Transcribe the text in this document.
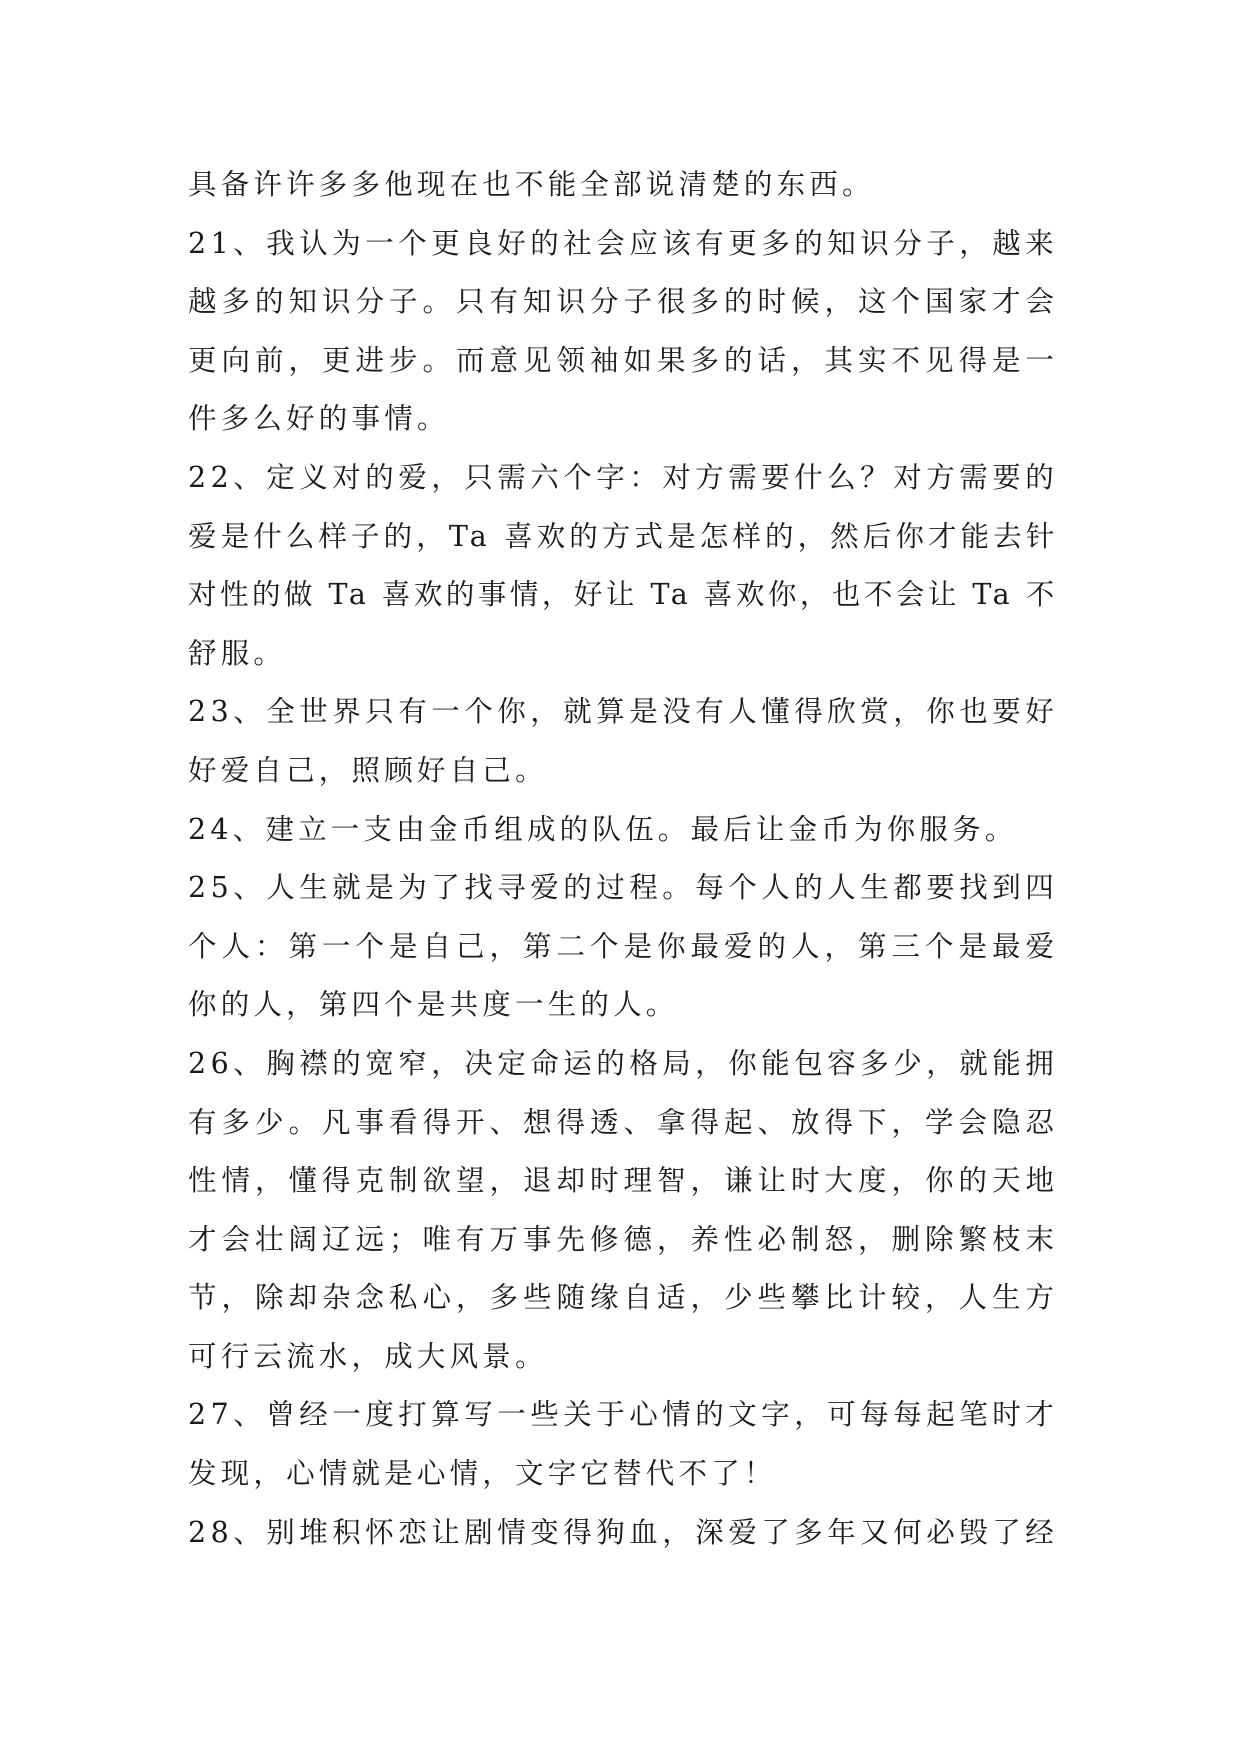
具备许许多多他现在也不能全部说清楚的东西。
21、我认为一个更良好的社会应该有更多的知识分子，越来
越多的知识分子。只有知识分子很多的时候，这个国家才会
更向前，更进步。而意见领袖如果多的话，其实不见得是一
件多么好的事情。
22、定义对的爱，只需六个字：对方需要什么？对方需要的
爱是什么样子的，Ta 喜欢的方式是怎样的，然后你才能去针
对性的做 Ta 喜欢的事情，好让 Ta 喜欢你，也不会让 Ta 不
舒服。
23、全世界只有一个你，就算是没有人懂得欣赏，你也要好
好爱自己，照顾好自己。
24、建立一支由金币组成的队伍。最后让金币为你服务。
25、人生就是为了找寻爱的过程。每个人的人生都要找到四
个人：第一个是自己，第二个是你最爱的人，第三个是最爱
你的人，第四个是共度一生的人。
26、胸襟的宽窄，决定命运的格局，你能包容多少，就能拥
有多少。凡事看得开、想得透、拿得起、放得下，学会隐忍
性情，懂得克制欲望，退却时理智，谦让时大度，你的天地
才会壮阔辽远；唯有万事先修德，养性必制怒，删除繁枝末
节，除却杂念私心，多些随缘自适，少些攀比计较，人生方
可行云流水，成大风景。
27、曾经一度打算写一些关于心情的文字，可每每起笔时才
发现，心情就是心情，文字它替代不了！
28、别堆积怀恋让剧情变得狗血，深爱了多年又何必毁了经
